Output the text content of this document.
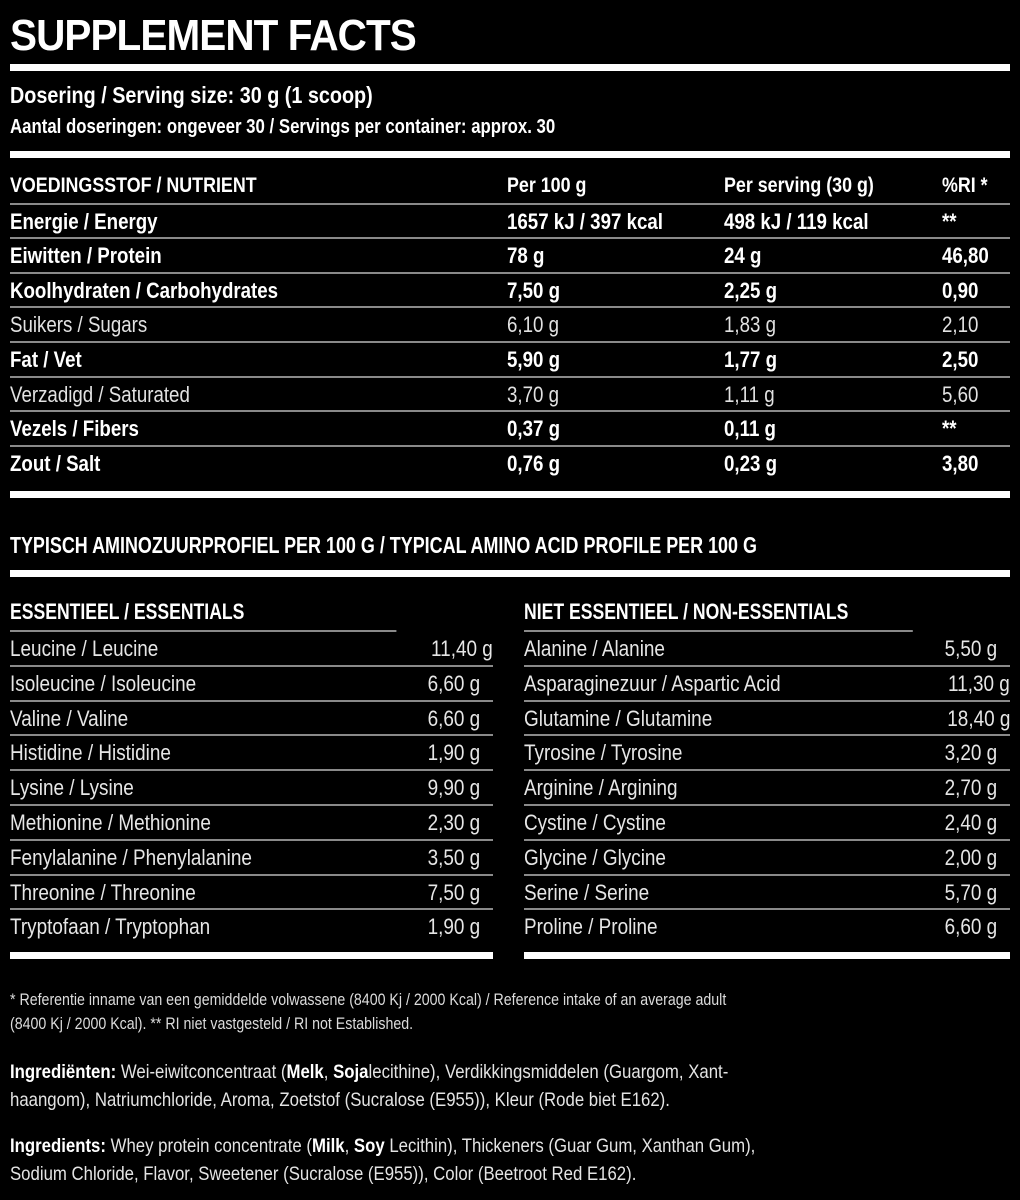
SUPPLEMENT FACTS
Dosering / Serving size: 30 g (1 scoop)
Aantal doseringen: ongeveer 30 / Servings per container: approx. 30
VOEDINGSSTOF / NUTRIENT	Per 100 g	Per serving (30 g)	%RI *
Energie / Energy	1657 kJ / 397 kcal	498 kJ / 119 kcal	**
Eiwitten / Protein	78 g	24 g	46,80
Koolhydraten / Carbohydrates	7,50 g	2,25 g	0,90
Suikers / Sugars	6,10 g	1,83 g	2,10
Fat / Vet	5,90 g	1,77 g	2,50
Verzadigd / Saturated	3,70 g	1,11 g	5,60
Vezels / Fibers	0,37 g	0,11 g	**
Zout / Salt	0,76 g	0,23 g	3,80
TYPISCH AMINOZUURPROFIEL PER 100 G / TYPICAL AMINO ACID PROFILE PER 100 G
ESSENTIEEL / ESSENTIALS
Leucine / Leucine	11,40 g
Isoleucine / Isoleucine	6,60 g
Valine / Valine	6,60 g
Histidine / Histidine	1,90 g
Lysine / Lysine	9,90 g
Methionine / Methionine	2,30 g
Fenylalanine / Phenylalanine	3,50 g
Threonine / Threonine	7,50 g
Tryptofaan / Tryptophan	1,90 g
NIET ESSENTIEEL / NON-ESSENTIALS
Alanine / Alanine	5,50 g
Asparaginezuur / Aspartic Acid	11,30 g
Glutamine / Glutamine	18,40 g
Tyrosine / Tyrosine	3,20 g
Arginine / Argining	2,70 g
Cystine / Cystine	2,40 g
Glycine / Glycine	2,00 g
Serine / Serine	5,70 g
Proline / Proline	6,60 g
* Referentie inname van een gemiddelde volwassene (8400 Kj / 2000 Kcal) / Reference intake of an average adult
(8400 Kj / 2000 Kcal). ** RI niet vastgesteld / RI not Established.
Ingrediënten: Wei-eiwitconcentraat (Melk, Sojalecithine), Verdikkingsmiddelen (Guargom, Xant-
haangom), Natriumchloride, Aroma, Zoetstof (Sucralose (E955)), Kleur (Rode biet E162).
Ingredients: Whey protein concentrate (Milk, Soy Lecithin), Thickeners (Guar Gum, Xanthan Gum),
Sodium Chloride, Flavor, Sweetener (Sucralose (E955)), Color (Beetroot Red E162).
